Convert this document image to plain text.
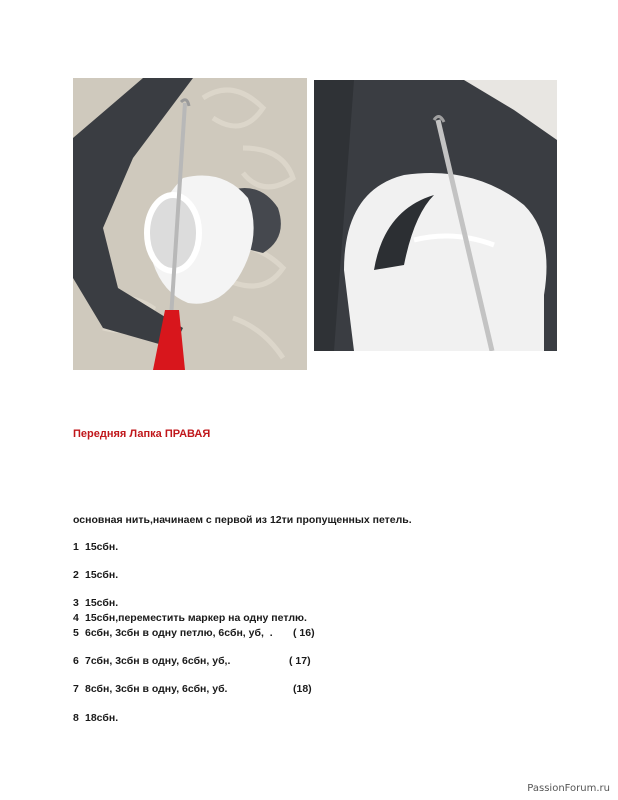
Передняя Лапка ПРАВАЯ
основная нить,начинаем с первой из 12ти пропущенных петель.
1 15сбн.
2 15сбн.
3 15сбн.
4 15сбн,переместить маркер на одну петлю.
5 6сбн, 3сбн в одну петлю, 6сбн, уб,  . ( 16)
6 7сбн, 3сбн в одну, 6сбн, уб,.	( 17)
7 8сбн, 3сбн в одну, 6сбн, уб.	(18)
8 18сбн.
PassionForum.ru
